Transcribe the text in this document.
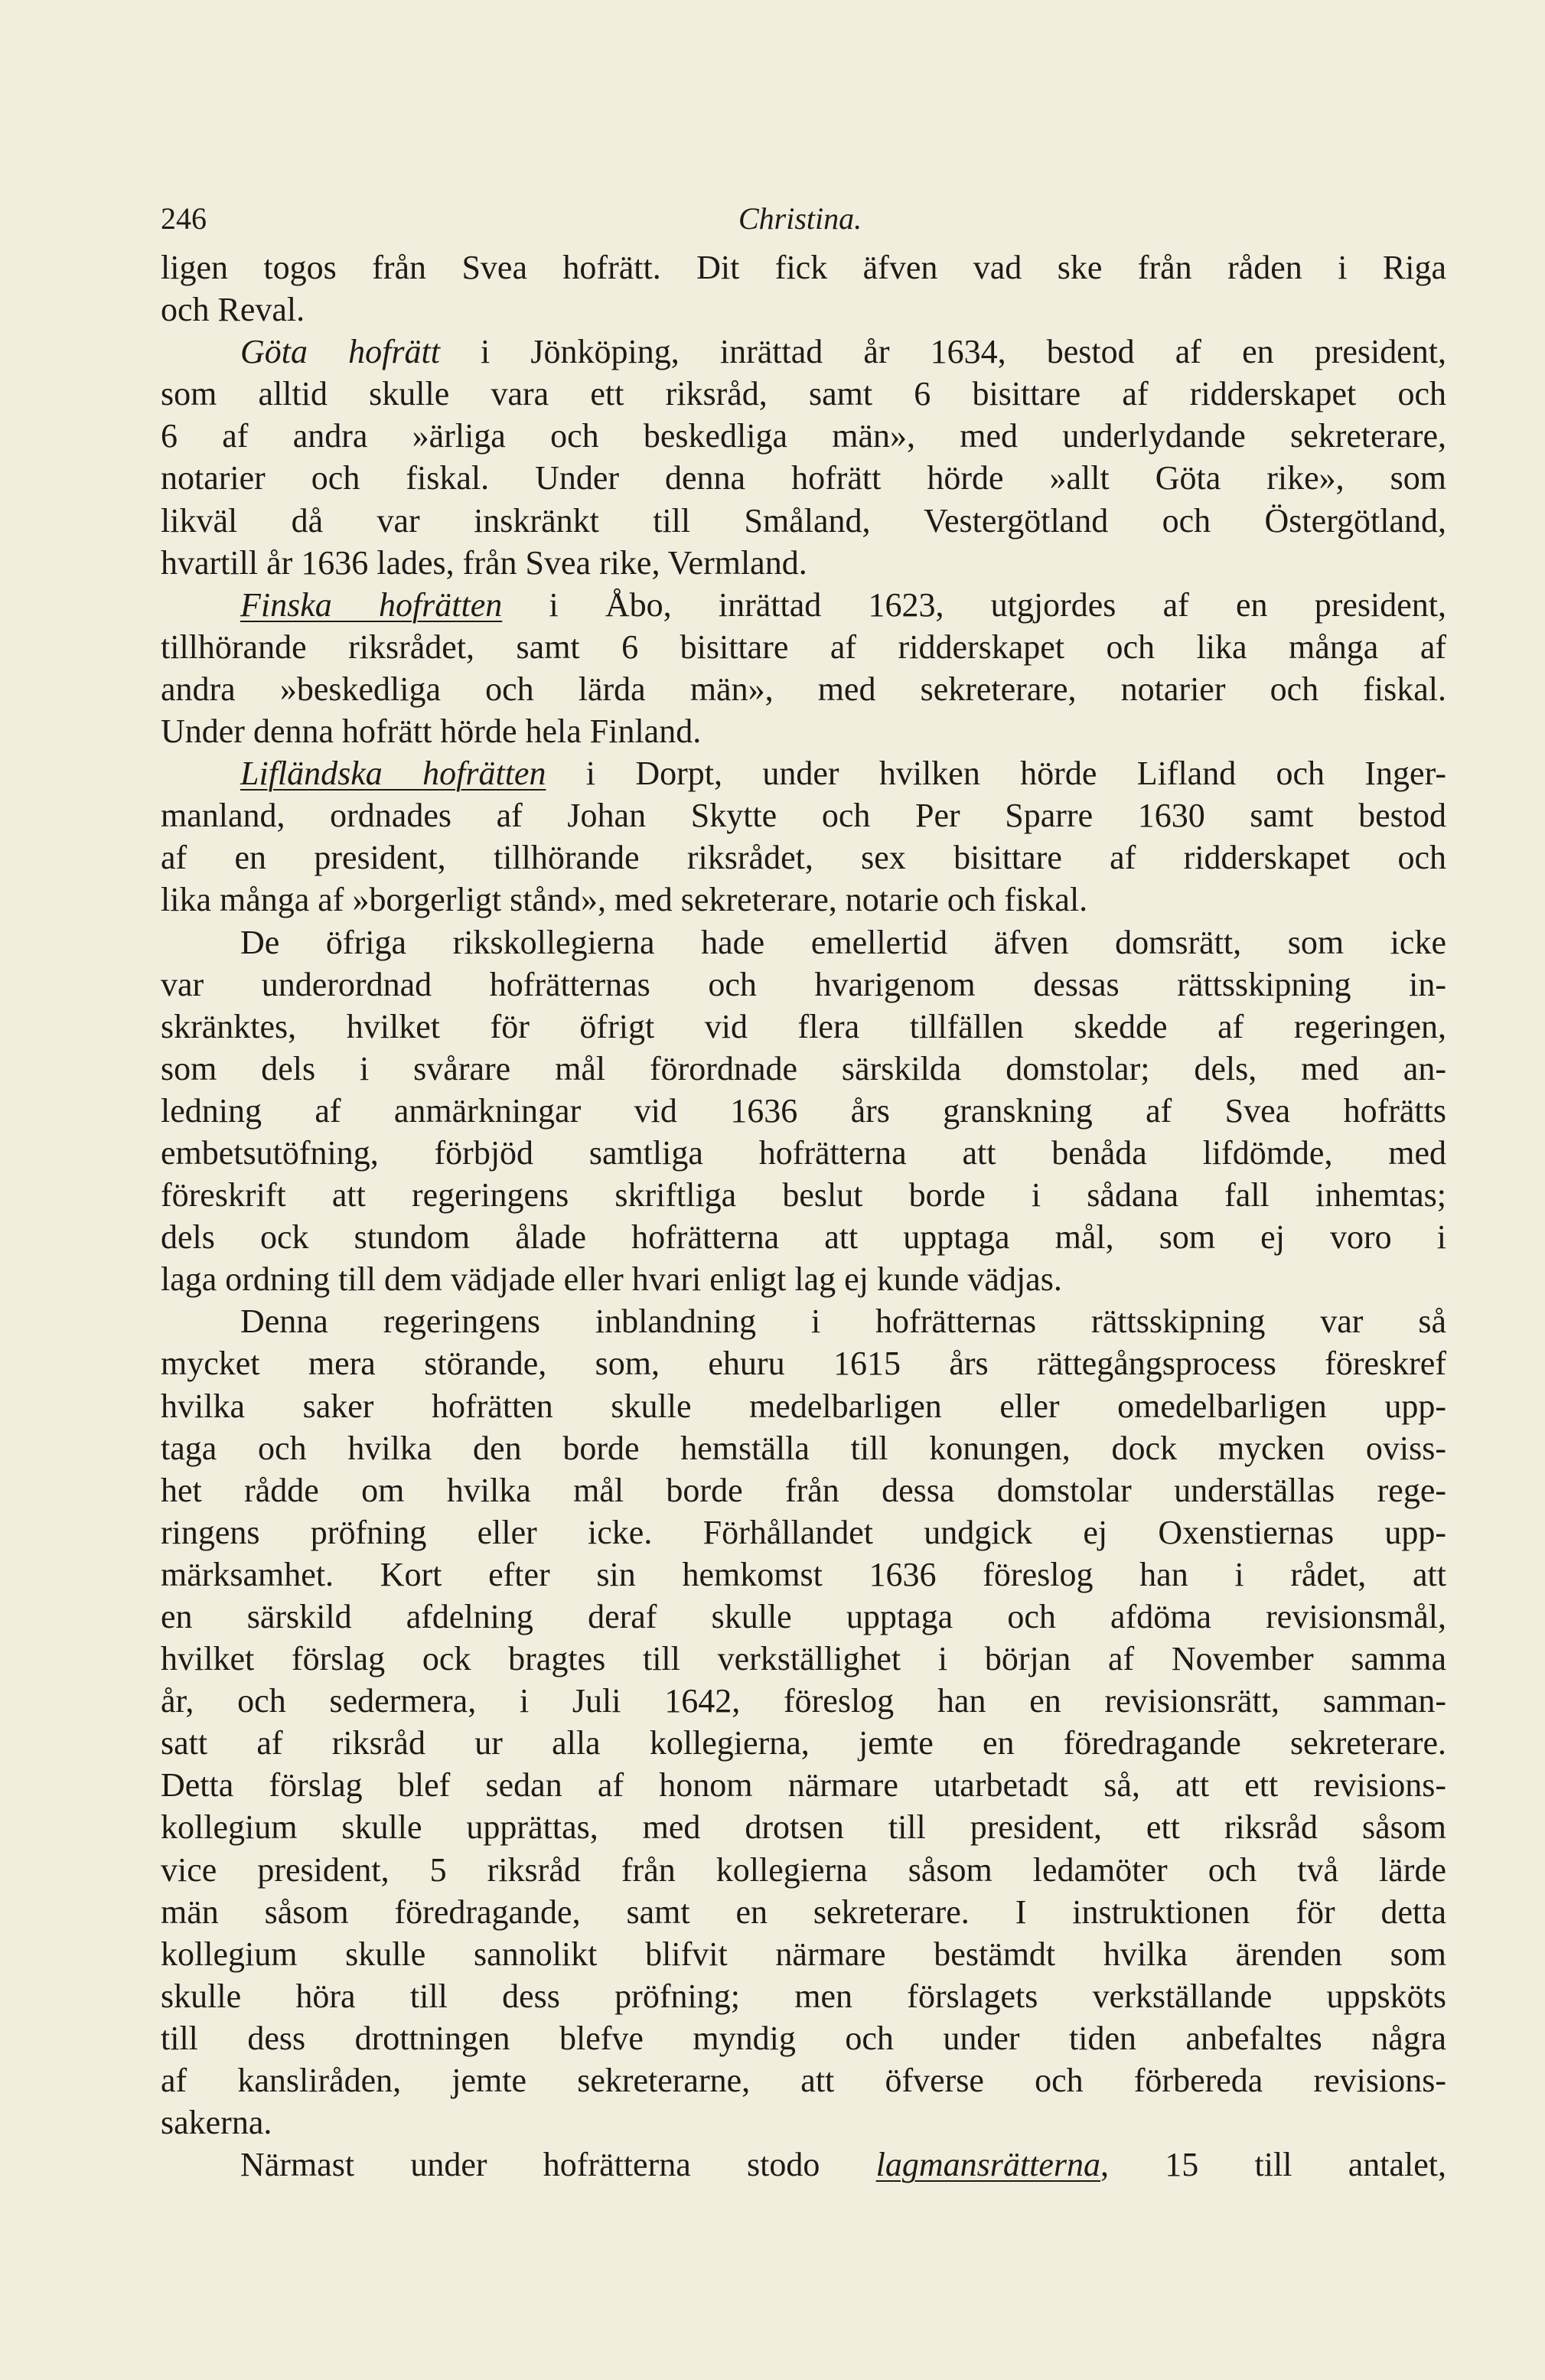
246	Christina.
ligen togos från Svea hofrätt. Dit fick äfven vad ske från råden i Riga
och Reval.
Göta hofrätt i Jönköping, inrättad år 1634, bestod af en president,
som alltid skulle vara ett riksråd, samt 6 bisittare af ridderskapet och
6 af andra »ärliga och beskedliga män», med underlydande sekreterare,
notarier och fiskal. Under denna hofrätt hörde »allt Göta rike», som
likväl då var inskränkt till Småland, Vestergötland och Östergötland,
hvartill år 1636 lades, från Svea rike, Vermland.
Finska hofrätten i Åbo, inrättad 1623, utgjordes af en president,
tillhörande riksrådet, samt 6 bisittare af ridderskapet och lika många af
andra »beskedliga och lärda män», med sekreterare, notarier och fiskal.
Under denna hofrätt hörde hela Finland.
Lifländska hofrätten i Dorpt, under hvilken hörde Lifland och Inger-
manland, ordnades af Johan Skytte och Per Sparre 1630 samt bestod
af en president, tillhörande riksrådet, sex bisittare af ridderskapet och
lika många af »borgerligt stånd», med sekreterare, notarie och fiskal.
De öfriga rikskollegierna hade emellertid äfven domsrätt, som icke
var underordnad hofrätternas och hvarigenom dessas rättsskipning in-
skränktes, hvilket för öfrigt vid flera tillfällen skedde af regeringen,
som dels i svårare mål förordnade särskilda domstolar; dels, med an-
ledning af anmärkningar vid 1636 års granskning af Svea hofrätts
embetsutöfning, förbjöd samtliga hofrätterna att benåda lifdömde, med
föreskrift att regeringens skriftliga beslut borde i sådana fall inhemtas;
dels ock stundom ålade hofrätterna att upptaga mål, som ej voro i
laga ordning till dem vädjade eller hvari enligt lag ej kunde vädjas.
Denna regeringens inblandning i hofrätternas rättsskipning var så
mycket mera störande, som, ehuru 1615 års rättegångsprocess föreskref
hvilka saker hofrätten skulle medelbarligen eller omedelbarligen upp-
taga och hvilka den borde hemställa till konungen, dock mycken oviss-
het rådde om hvilka mål borde från dessa domstolar underställas rege-
ringens pröfning eller icke. Förhållandet undgick ej Oxenstiernas upp-
märksamhet. Kort efter sin hemkomst 1636 föreslog han i rådet, att
en särskild afdelning deraf skulle upptaga och afdöma revisionsmål,
hvilket förslag ock bragtes till verkställighet i början af November samma
år, och sedermera, i Juli 1642, föreslog han en revisionsrätt, samman-
satt af riksråd ur alla kollegierna, jemte en föredragande sekreterare.
Detta förslag blef sedan af honom närmare utarbetadt så, att ett revisions-
kollegium skulle upprättas, med drotsen till president, ett riksråd såsom
vice president, 5 riksråd från kollegierna såsom ledamöter och två lärde
män såsom föredragande, samt en sekreterare. I instruktionen för detta
kollegium skulle sannolikt blifvit närmare bestämdt hvilka ärenden som
skulle höra till dess pröfning; men förslagets verkställande uppsköts
till dess drottningen blefve myndig och under tiden anbefaltes några
af kansliråden, jemte sekreterarne, att öfverse och förbereda revisions-
sakerna.
Närmast under hofrätterna stodo lagmansrätterna, 15 till antalet,
